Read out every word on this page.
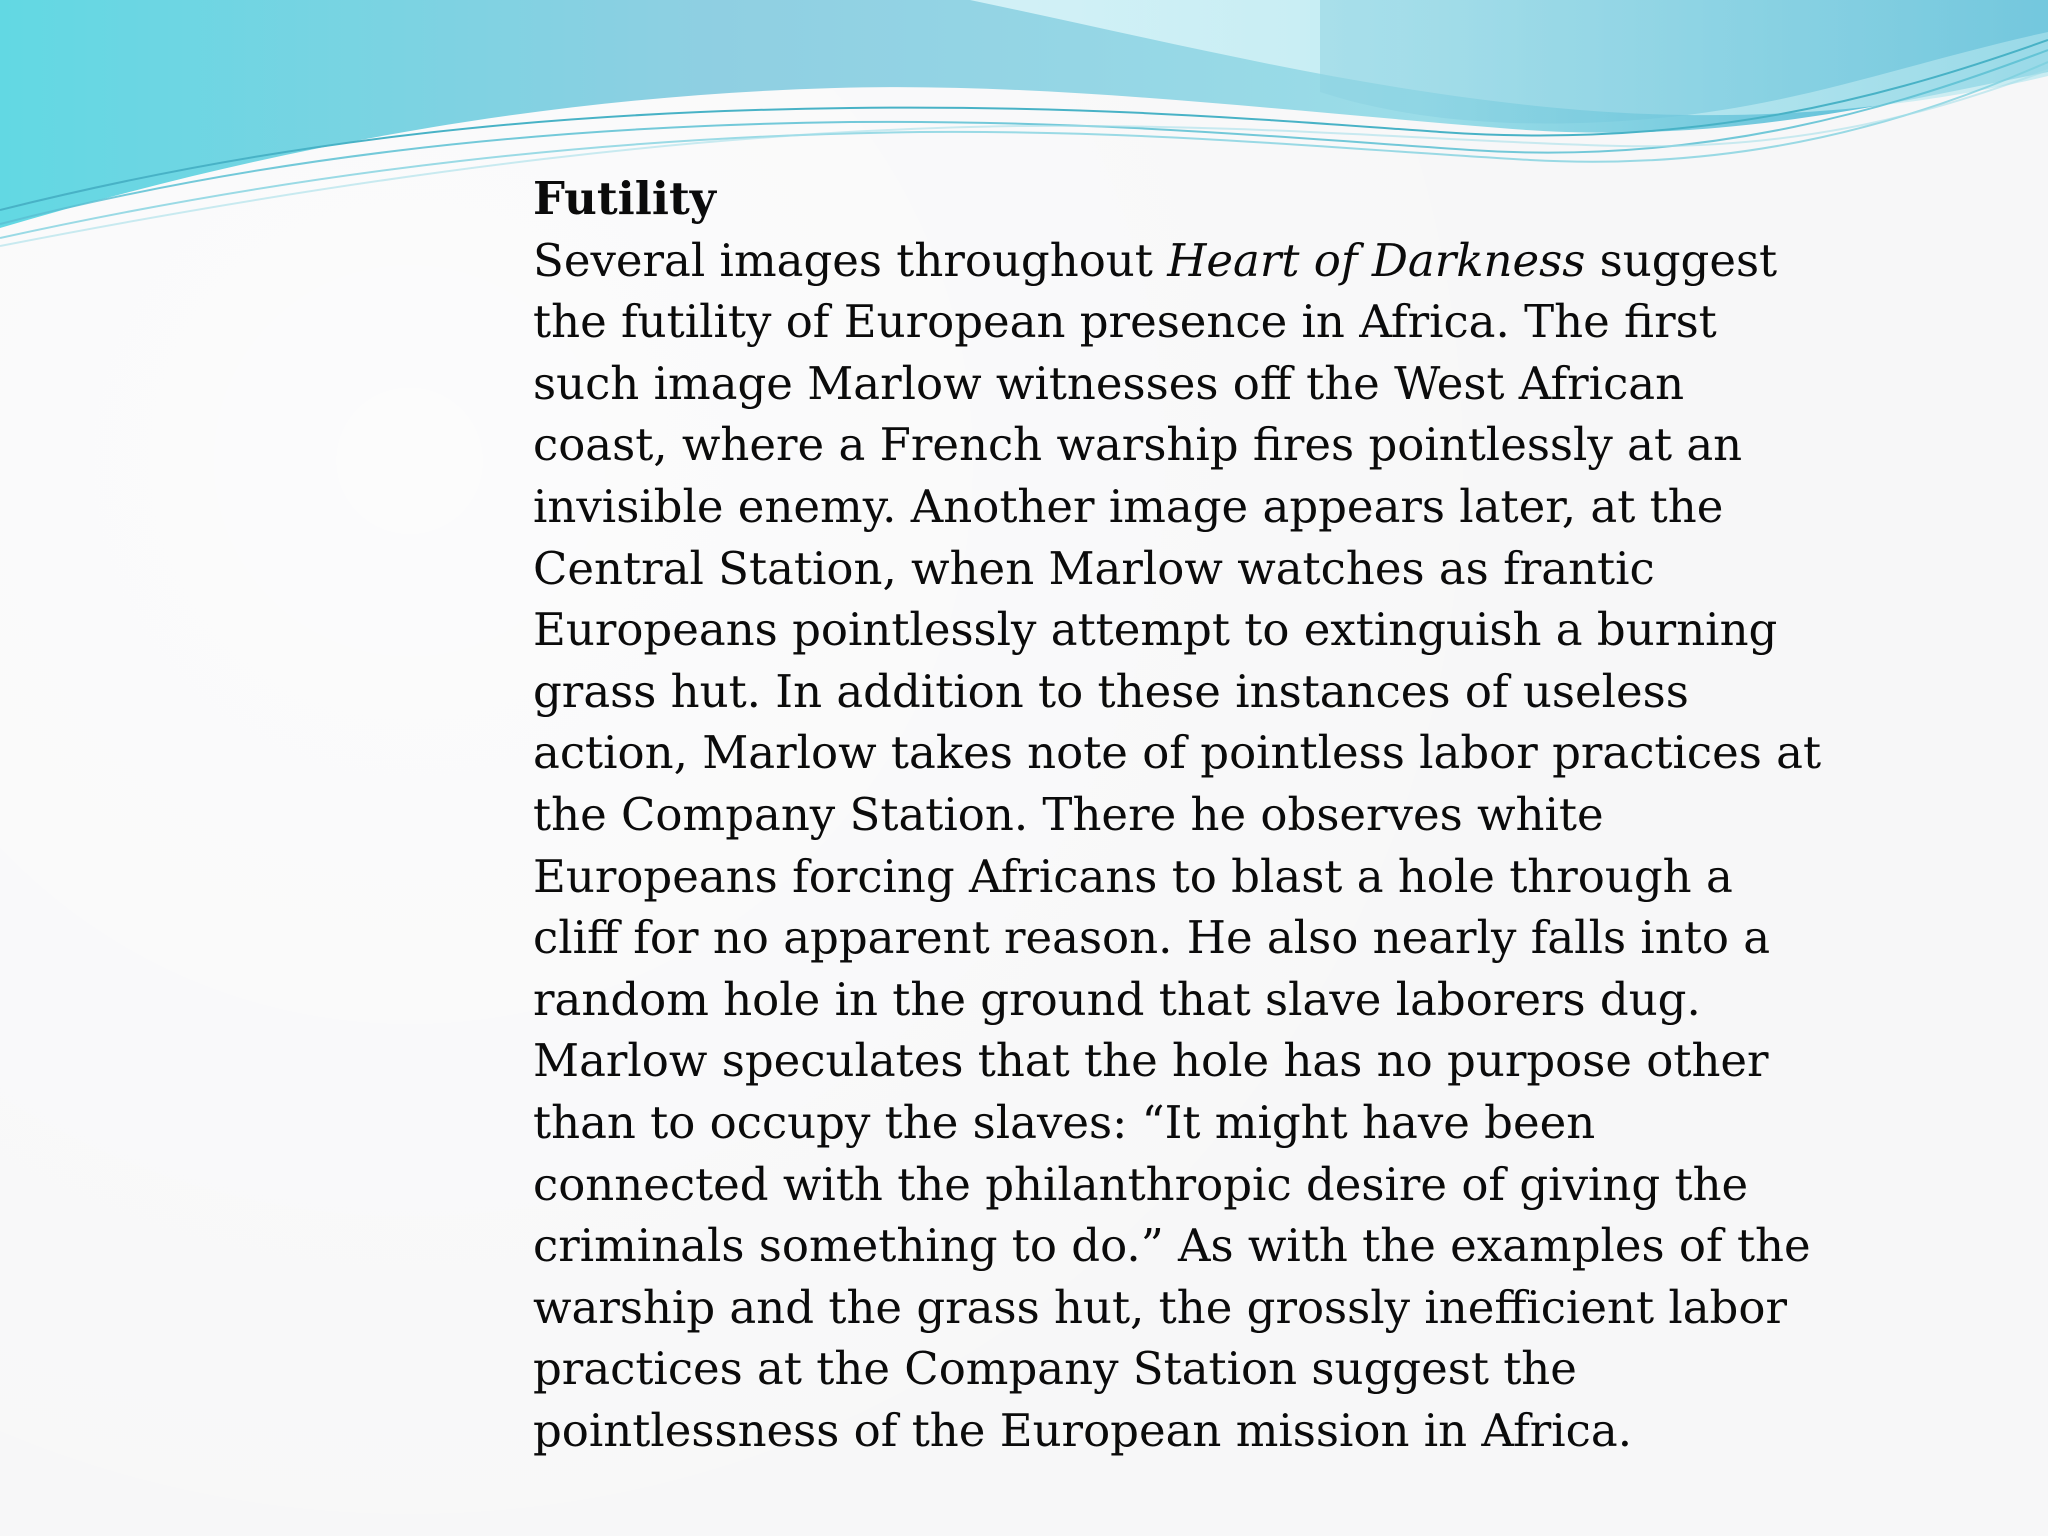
Futility

Several images throughout Heart of Darkness suggest
the futility of European presence in Africa. The first
such image Marlow witnesses off the West African
coast, where a French warship fires pointlessly at an
invisible enemy. Another image appears later, at the
Central Station, when Marlow watches as frantic
Europeans pointlessly attempt to extinguish a burning
grass hut. In addition to these instances of useless
action, Marlow takes note of pointless labor practices at
the Company Station. There he observes white
Europeans forcing Africans to blast a hole through a
cliff for no apparent reason. He also nearly falls into a
random hole in the ground that slave laborers dug.
Marlow speculates that the hole has no purpose other
than to occupy the slaves: “It might have been
connected with the philanthropic desire of giving the
criminals something to do.” As with the examples of the
warship and the grass hut, the grossly inefficient labor
practices at the Company Station suggest the
pointlessness of the European mission in Africa.
